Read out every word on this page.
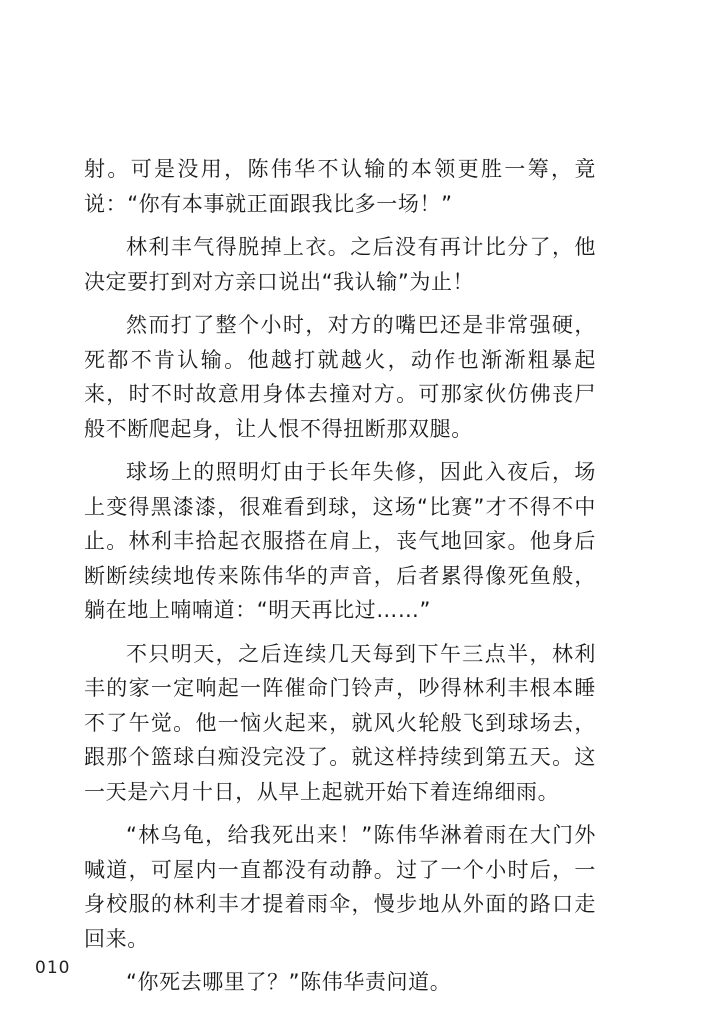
射。可是没用，陈伟华不认输的本领更胜一筹，竟说：“你有本事就正面跟我比多一场！”

林利丰气得脱掉上衣。之后没有再计比分了，他决定要打到对方亲口说出“我认输”为止！

然而打了整个小时，对方的嘴巴还是非常强硬，死都不肯认输。他越打就越火，动作也渐渐粗暴起来，时不时故意用身体去撞对方。可那家伙仿佛丧尸般不断爬起身，让人恨不得扭断那双腿。

球场上的照明灯由于长年失修，因此入夜后，场上变得黑漆漆，很难看到球，这场“比赛”才不得不中止。林利丰拾起衣服搭在肩上，丧气地回家。他身后断断续续地传来陈伟华的声音，后者累得像死鱼般，躺在地上喃喃道：“明天再比过……”

不只明天，之后连续几天每到下午三点半，林利丰的家一定响起一阵催命门铃声，吵得林利丰根本睡不了午觉。他一恼火起来，就风火轮般飞到球场去，跟那个篮球白痴没完没了。就这样持续到第五天。这一天是六月十日，从早上起就开始下着连绵细雨。

“林乌龟，给我死出来！”陈伟华淋着雨在大门外喊道，可屋内一直都没有动静。过了一个小时后，一身校服的林利丰才提着雨伞，慢步地从外面的路口走回来。

“你死去哪里了？”陈伟华责问道。

010
